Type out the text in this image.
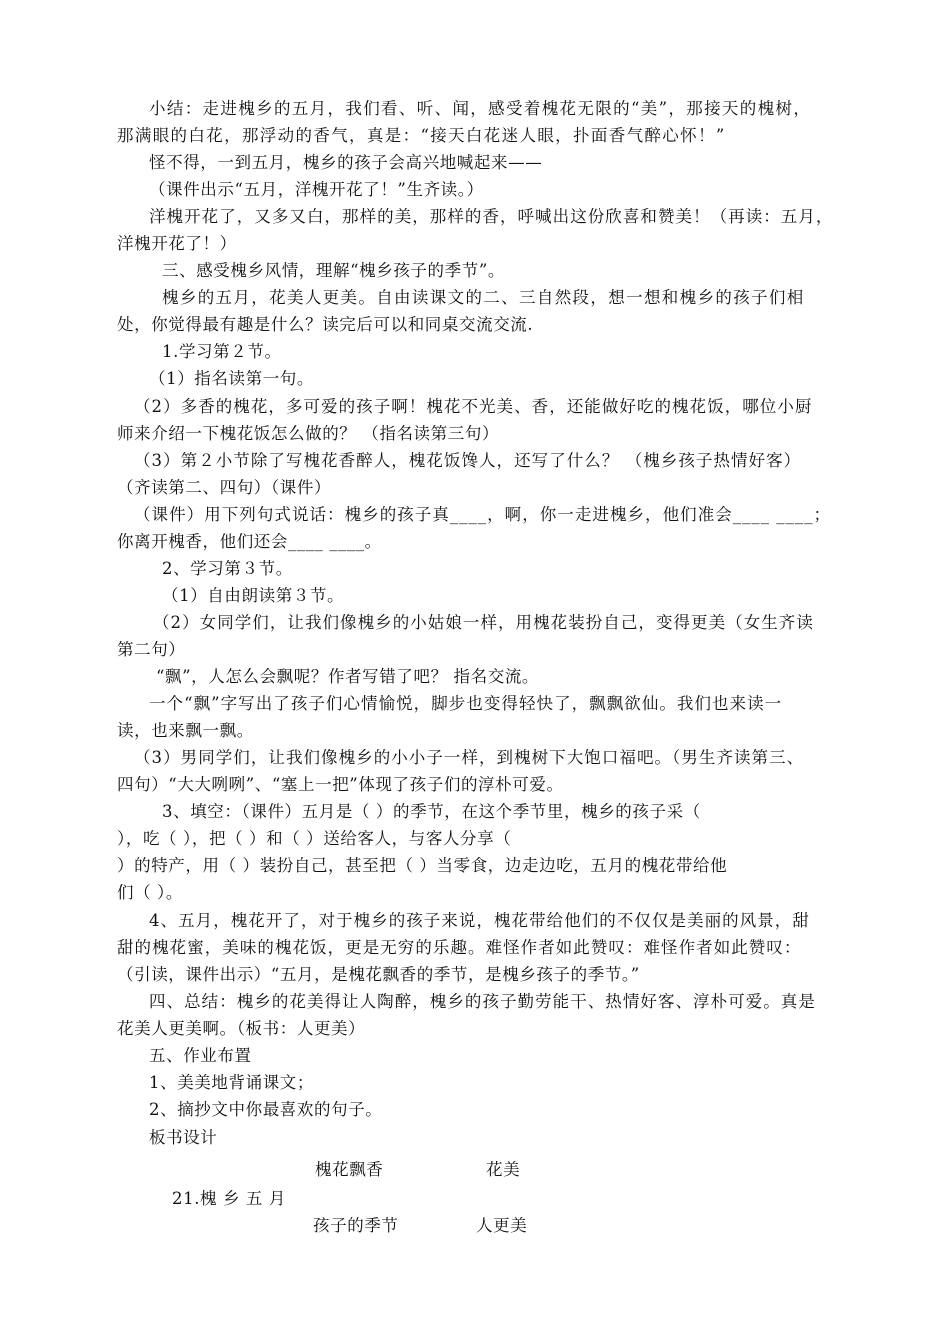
小结：走进槐乡的五月，我们看、听、闻，感受着槐花无限的“美”，那接天的槐树，
那满眼的白花，那浮动的香气，真是：“接天白花迷人眼，扑面香气醉心怀！”
怪不得，一到五月，槐乡的孩子会高兴地喊起来——
（课件出示“五月，洋槐开花了！”生齐读。）
洋槐开花了，又多又白，那样的美，那样的香，呼喊出这份欣喜和赞美！（再读：五月，
洋槐开花了！）
三、感受槐乡风情，理解“槐乡孩子的季节”。
槐乡的五月，花美人更美。自由读课文的二、三自然段，想一想和槐乡的孩子们相
处，你觉得最有趣是什么？读完后可以和同桌交流交流.
1.学习第２节。
（1）指名读第一句。
（2）多香的槐花，多可爱的孩子啊！槐花不光美、香，还能做好吃的槐花饭，哪位小厨
师来介绍一下槐花饭怎么做的？ （指名读第三句）
（3）第２小节除了写槐花香醉人，槐花饭馋人，还写了什么？ （槐乡孩子热情好客）
（齐读第二、四句）（课件）
（课件）用下列句式说话：槐乡的孩子真____，啊，你一走进槐乡，他们准会____ ____；
你离开槐香，他们还会____ ____。
2、学习第３节。
（1）自由朗读第３节。
（2）女同学们，让我们像槐乡的小姑娘一样，用槐花装扮自己，变得更美（女生齐读
第二句）
“飘”，人怎么会飘呢？作者写错了吧？ 指名交流。
一个“飘”字写出了孩子们心情愉悦，脚步也变得轻快了，飘飘欲仙。我们也来读一
读，也来飘一飘。
（3）男同学们，让我们像槐乡的小小子一样，到槐树下大饱口福吧。（男生齐读第三、
四句）“大大咧咧”、“塞上一把”体现了孩子们的淳朴可爱。
3、填空：（课件）五月是（ ）的季节，在这个季节里，槐乡的孩子采（
），吃（ ），把（ ）和（ ）送给客人，与客人分享（
）的特产，用（ ）装扮自己，甚至把（ ）当零食，边走边吃，五月的槐花带给他
们（ ）。
4、五月，槐花开了，对于槐乡的孩子来说，槐花带给他们的不仅仅是美丽的风景，甜
甜的槐花蜜，美味的槐花饭，更是无穷的乐趣。难怪作者如此赞叹：难怪作者如此赞叹：
（引读，课件出示）“五月，是槐花飘香的季节，是槐乡孩子的季节。”
四、总结：槐乡的花美得让人陶醉，槐乡的孩子勤劳能干、热情好客、淳朴可爱。真是
花美人更美啊。（板书：人更美）
五、作业布置
1、美美地背诵课文；
2、摘抄文中你最喜欢的句子。
板书设计
槐花飘香	花美
21.槐 乡 五 月
孩子的季节	人更美
